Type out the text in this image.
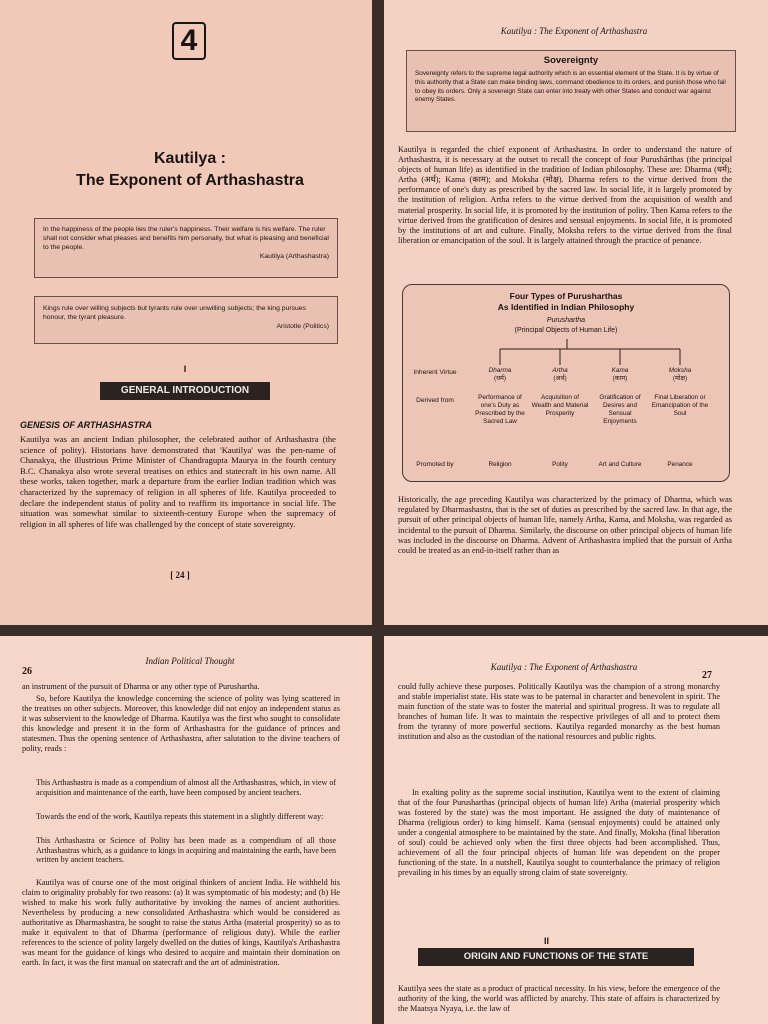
4
Kautilya :
The Exponent of Arthashastra
In the happiness of the people lies the ruler's happiness. Their welfare is his welfare. The ruler shall not consider what pleases and benefits him personally, but what is pleasing and beneficial to the people.
Kautilya (Arthashastra)
Kings rule over willing subjects but tyrants rule over unwilling subjects; the king pursues honour, the tyrant pleasure.
Aristotle (Politics)
I
GENERAL INTRODUCTION
GENESIS OF ARTHASHASTRA
Kautilya was an ancient Indian philosopher, the celebrated author of Arthashastra (the science of polity). Historians have demonstrated that 'Kautilya' was the pen-name of Chanakya, the illustrious Prime Minister of Chandragupta Maurya in the fourth century B.C. Chanakya also wrote several treatises on ethics and statecraft in his own name. All these works, taken together, mark a departure from the earlier Indian tradition which was characterized by the supremacy of religion in all spheres of life. Kautilya proceeded to declare the independent status of polity and to reaffirm its importance in social life. The situation was somewhat similar to sixteenth-century Europe when the supremacy of religion in all spheres of life was challenged by the concept of state sovereignty.
[ 24 ]
Kautilya : The Exponent of Arthashastra
Sovereignty
Sovereignty refers to the supreme legal authority which is an essential element of the State. It is by virtue of this authority that a State can make binding laws, command obedience to its orders, and punish those who fail to obey its orders. Only a sovereign State can enter into treaty with other States and conduct war against enemy States.
Kautilya is regarded the chief exponent of Arthashastra. In order to understand the nature of Arthashastra, it is necessary at the outset to recall the concept of four Purushārthas (the principal objects of human life) as identified in the tradition of Indian philosophy. These are: Dharma (धर्म); Artha (अर्थ); Kama (काम); and Moksha (मोक्ष). Dharma refers to the virtue derived from the performance of one's duty as prescribed by the sacred law. In social life, it is largely promoted by the institution of religion. Artha refers to the virtue derived from the acquisition of wealth and material prosperity. In social life, it is promoted by the institution of polity. Then Kama refers to the virtue derived from the gratification of desires and sensual enjoyments. In social life, it is promoted by the institutions of art and culture. Finally, Moksha refers to the virtue derived from the final liberation or emancipation of the soul. It is largely attained through the practice of penance.
Four Types of Purusharthas
As Identified in Indian Philosophy
Purushartha
(Principal Objects of Human Life)
Inherent Virtue
Derived from
Promoted by
Dharma
(धर्म)
Performance of one's Duty as Prescribed by the Sacred Law
Religion
Artha
(अर्थ)
Acquisition of Wealth and Material Prosperity
Polity
Kama
(काम)
Gratification of Desires and Sensual Enjoyments
Art and Culture
Moksha
(मोक्ष)
Final Liberation or Emancipation of the Soul
Penance
Historically, the age preceding Kautilya was characterized by the primacy of Dharma, which was regulated by Dharmashastra, that is the set of duties as prescribed by the sacred law. In that age, the pursuit of other principal objects of human life, namely Artha, Kama, and Moksha, was regarded as incidental to the pursuit of Dharma. Similarly, the discourse on other principal objects of human life was included in the discourse on Dharma. Advent of Arthashastra implied that the pursuit of Artha could be treated as an end-in-itself rather than as
26
Indian Political Thought
an instrument of the pursuit of Dharma or any other type of Purushartha.
So, before Kautilya the knowledge concerning the science of polity was lying scattered in the treatises on other subjects. Moreover, this knowledge did not enjoy an independent status as it was subservient to the knowledge of Dharma. Kautilya was the first who sought to consolidate this knowledge and present it in the form of Arthashastra for the guidance of princes and statesmen. Thus the opening sentence of Arthashastra, after salutation to the divine teachers of polity, reads :
This Arthashastra is made as a compendium of almost all the Arthashastras, which, in view of acquisition and maintenance of the earth, have been composed by ancient teachers.
Towards the end of the work, Kautilya repeats this statement in a slightly different way:
This Arthashastra or Science of Polity has been made as a compendium of all those Arthashastras which, as a guidance to kings in acquiring and maintaining the earth, have been written by ancient teachers.
Kautilya was of course one of the most original thinkers of ancient India. He withheld his claim to originality probably for two reasons: (a) It was symptomatic of his modesty; and (b) He wished to make his work fully authoritative by invoking the names of ancient authorities. Nevertheless by producing a new consolidated Arthashastra which would be considered as authoritative as Dharmashastra, he sought to raise the status Artha (material prosperity) so as to make it equivalent to that of Dharma (performance of religious duty). While the earlier references to the science of polity largely dwelled on the duties of kings, Kautilya's Arthashastra was meant for the guidance of kings who desired to acquire and maintain their domination on earth. In fact, it was the first manual on statecraft and the art of administration.
Kautilya : The Exponent of Arthashastra
27
could fully achieve these purposes. Politically Kautilya was the champion of a strong monarchy and stable imperialist state. His state was to be paternal in character and benevolent in spirit. The main function of the state was to foster the material and spiritual progress. It was to regulate all branches of human life. It was to maintain the respective privileges of all and to protect them from the tyranny of more powerful sections. Kautilya regarded monarchy as the best human institution and also as the custodian of the national resources and public rights.
In exalting polity as the supreme social institution, Kautilya went to the extent of claiming that of the four Purusharthas (principal objects of human life) Artha (material prosperity which was fostered by the state) was the most important. He assigned the duty of maintenance of Dharma (religious order) to king himself. Kama (sensual enjoyments) could be attained only under a congenial atmosphere to be maintained by the state. And finally, Moksha (final liberation of soul) could be achieved only when the first three objects had been accomplished. Thus, achievement of all the four principal objects of human life was dependent on the proper functioning of the state. In a nutshell, Kautilya sought to counterbalance the primacy of religion prevailing in his times by an equally strong claim of state sovereignty.
II
ORIGIN AND FUNCTIONS OF THE STATE
Kautilya sees the state as a product of practical necessity. In his view, before the emergence of the authority of the king, the world was afflicted by anarchy. This state of affairs is characterized by the Maatsya Nyaya, i.e. the law of
